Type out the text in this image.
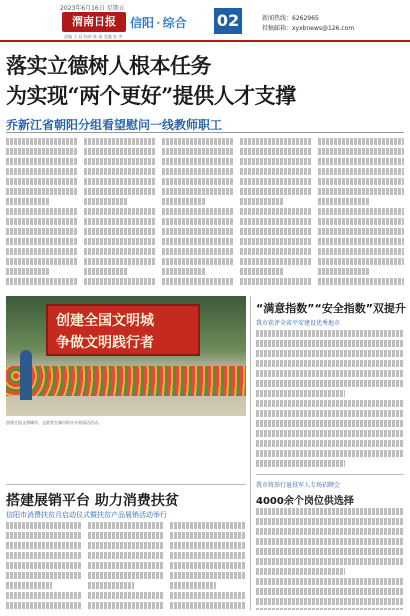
2023年6月16日 星期五
渭南日报	信阳 · 综合 02
责编 王 辰 校审 陈 丽 美编 张 杰
新闻热线：6262965
投稿邮箱：xyxbnews@126.com
落实立德树人根本任务
为实现“两个更好”提供人才支撑
乔新江省朝阳分组看望慰问一线教师职工
创建全国文明城
争做文明践行者
创建全国文明城市，志愿者在城市街头开展清洁活动。
“满意指数”“安全指数”双提升
我市获评全省平安建设优秀地市
我市将举行退役军人专场招聘会
4000余个岗位供选择
搭建展销平台 助力消费扶贫
信阳市消费扶贫月启动仪式暨扶贫产品展销活动举行
